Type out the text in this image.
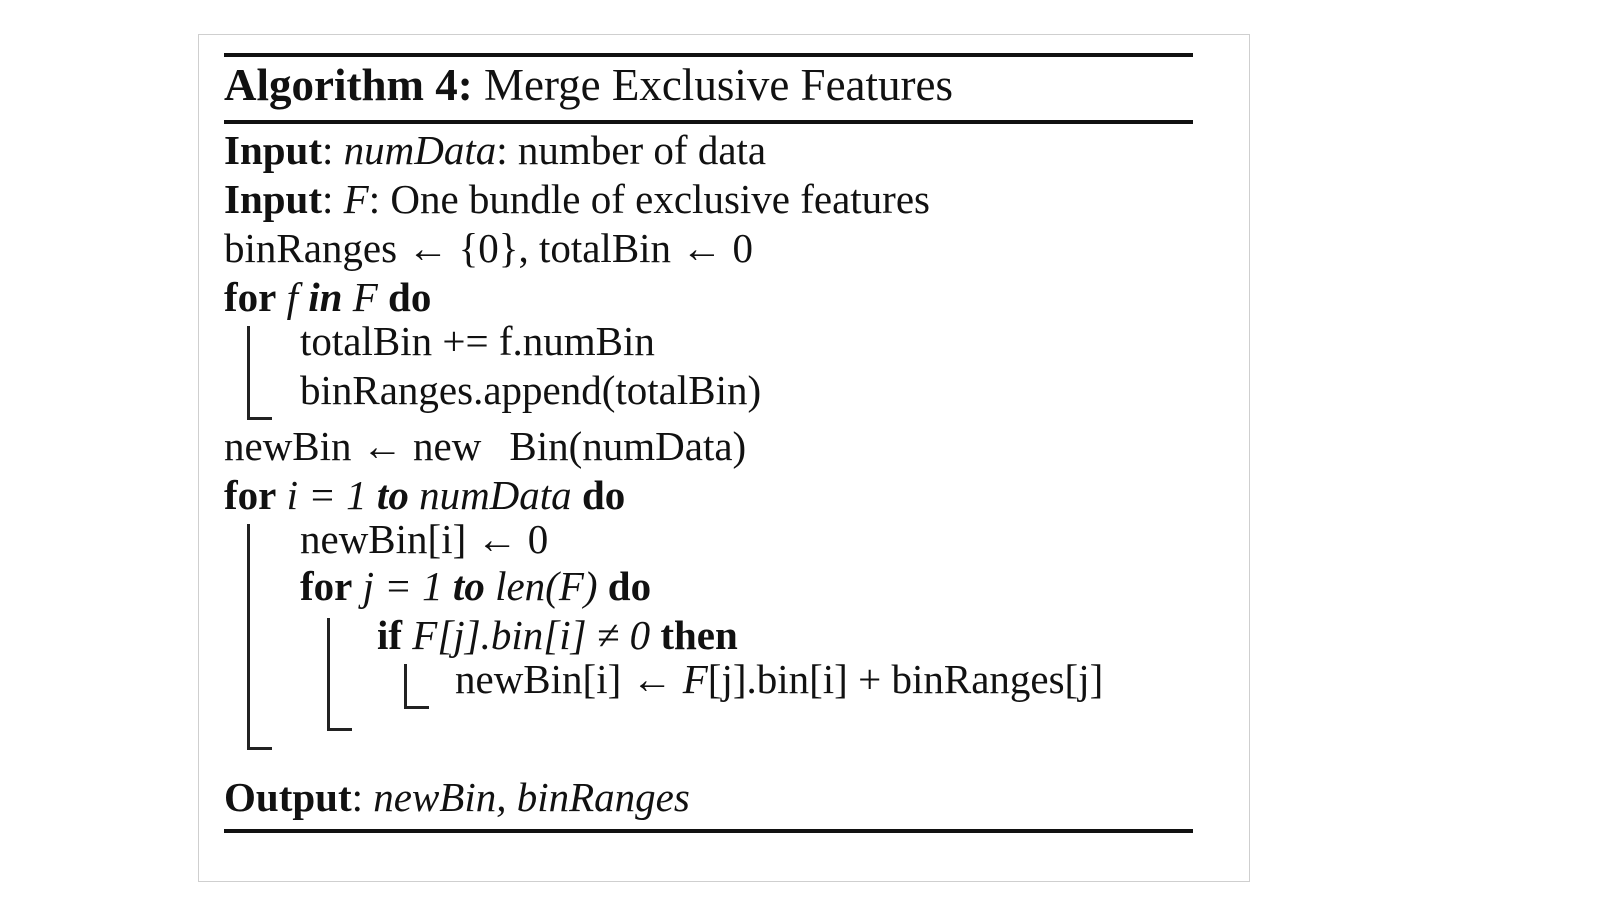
Algorithm 4: Merge Exclusive Features
Input: numData: number of data
Input: F: One bundle of exclusive features
binRanges ← {0}, totalBin ← 0
for f in F do
totalBin += f.numBin
binRanges.append(totalBin)
newBin ← new Bin(numData)
for i = 1 to numData do
newBin[i] ← 0
for j = 1 to len(F) do
if F[j].bin[i] ≠ 0 then
newBin[i] ← F[j].bin[i] + binRanges[j]
Output: newBin, binRanges
